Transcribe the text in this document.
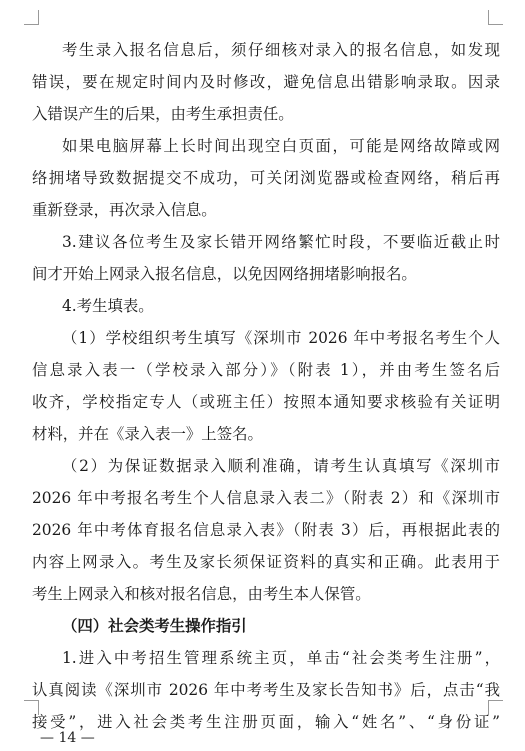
考生录入报名信息后，须仔细核对录入的报名信息，如发现
错误，要在规定时间内及时修改，避免信息出错影响录取。因录
入错误产生的后果，由考生承担责任。
如果电脑屏幕上长时间出现空白页面，可能是网络故障或网
络拥堵导致数据提交不成功，可关闭浏览器或检查网络，稍后再
重新登录，再次录入信息。
3.建议各位考生及家长错开网络繁忙时段，不要临近截止时
间才开始上网录入报名信息，以免因网络拥堵影响报名。
4.考生填表。
（1）学校组织考生填写《深圳市 2026 年中考报名考生个人
信息录入表一（学校录入部分）》（附表 1），并由考生签名后
收齐，学校指定专人（或班主任）按照本通知要求核验有关证明
材料，并在《录入表一》上签名。
（2）为保证数据录入顺利准确，请考生认真填写《深圳市
2026 年中考报名考生个人信息录入表二》（附表 2）和《深圳市
2026 年中考体育报名信息录入表》（附表 3）后，再根据此表的
内容上网录入。考生及家长须保证资料的真实和正确。此表用于
考生上网录入和核对报名信息，由考生本人保管。
（四）社会类考生操作指引
1.进入中考招生管理系统主页，单击“社会类考生注册”，
认真阅读《深圳市 2026 年中考考生及家长告知书》后，点击“我
接受”，进入社会类考生注册页面，输入“姓名”、“身份证”
— 14 —
